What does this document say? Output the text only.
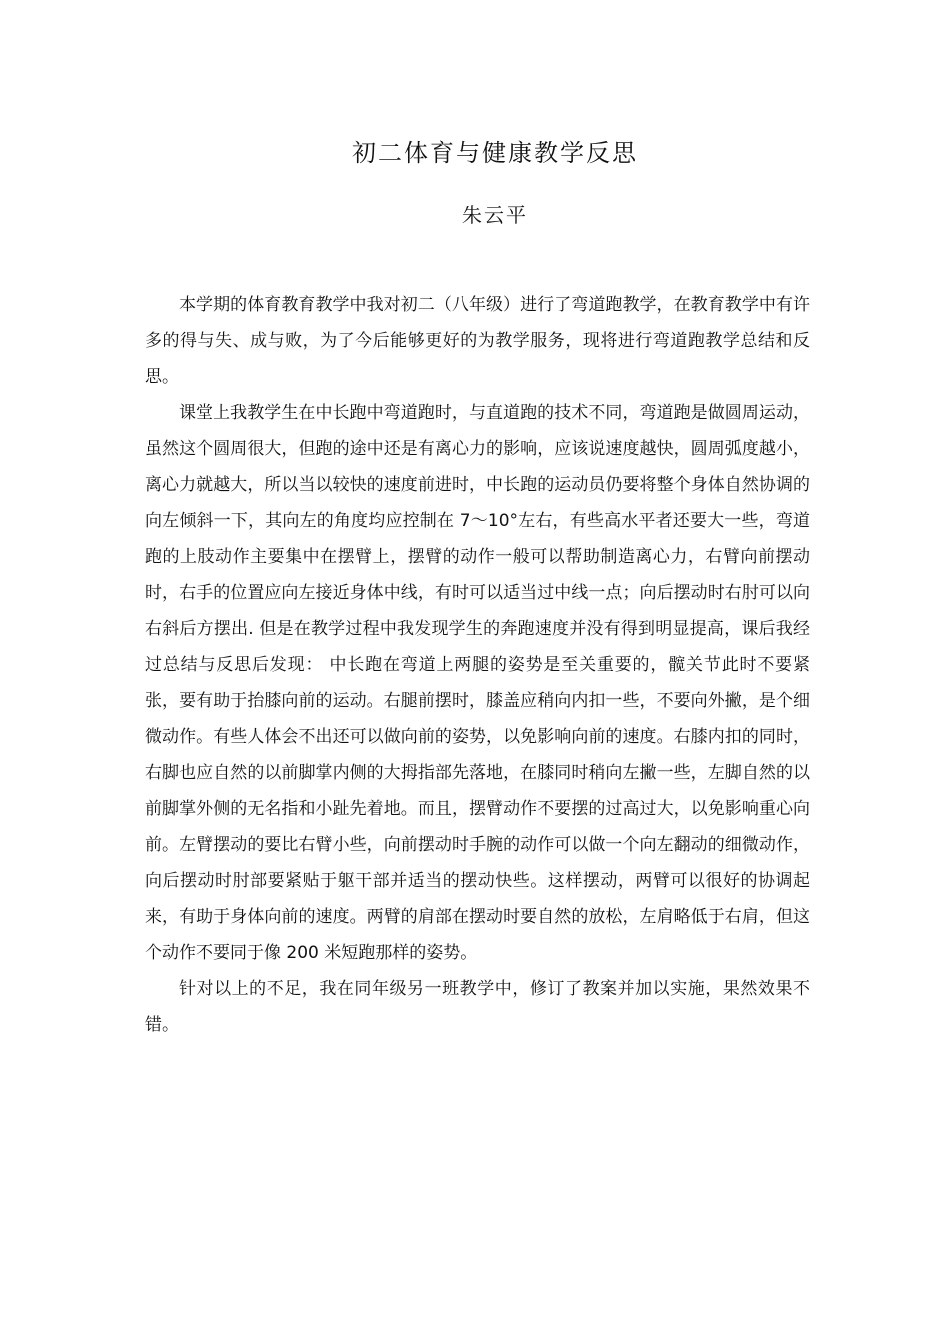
初二体育与健康教学反思
朱云平

本学期的体育教育教学中我对初二（八年级）进行了弯道跑教学，在教育教学中有许多的得与失、成与败，为了今后能够更好的为教学服务，现将进行弯道跑教学总结和反思。

课堂上我教学生在中长跑中弯道跑时，与直道跑的技术不同，弯道跑是做圆周运动，虽然这个圆周很大，但跑的途中还是有离心力的影响，应该说速度越快，圆周弧度越小，离心力就越大，所以当以较快的速度前进时，中长跑的运动员仍要将整个身体自然协调的向左倾斜一下，其向左的角度均应控制在 7～10°左右，有些高水平者还要大一些，弯道跑的上肢动作主要集中在摆臂上，摆臂的动作一般可以帮助制造离心力，右臂向前摆动时，右手的位置应向左接近身体中线，有时可以适当过中线一点；向后摆动时右肘可以向右斜后方摆出. 但是在教学过程中我发现学生的奔跑速度并没有得到明显提高，课后我经过总结与反思后发现： 中长跑在弯道上两腿的姿势是至关重要的，髋关节此时不要紧张，要有助于抬膝向前的运动。右腿前摆时，膝盖应稍向内扣一些，不要向外撇，是个细微动作。有些人体会不出还可以做向前的姿势，以免影响向前的速度。右膝内扣的同时，右脚也应自然的以前脚掌内侧的大拇指部先落地，在膝同时稍向左撇一些，左脚自然的以前脚掌外侧的无名指和小趾先着地。而且，摆臂动作不要摆的过高过大，以免影响重心向前。左臂摆动的要比右臂小些，向前摆动时手腕的动作可以做一个向左翻动的细微动作，向后摆动时肘部要紧贴于躯干部并适当的摆动快些。这样摆动，两臂可以很好的协调起来，有助于身体向前的速度。两臂的肩部在摆动时要自然的放松，左肩略低于右肩，但这个动作不要同于像 200 米短跑那样的姿势。

针对以上的不足，我在同年级另一班教学中，修订了教案并加以实施，果然效果不错。
